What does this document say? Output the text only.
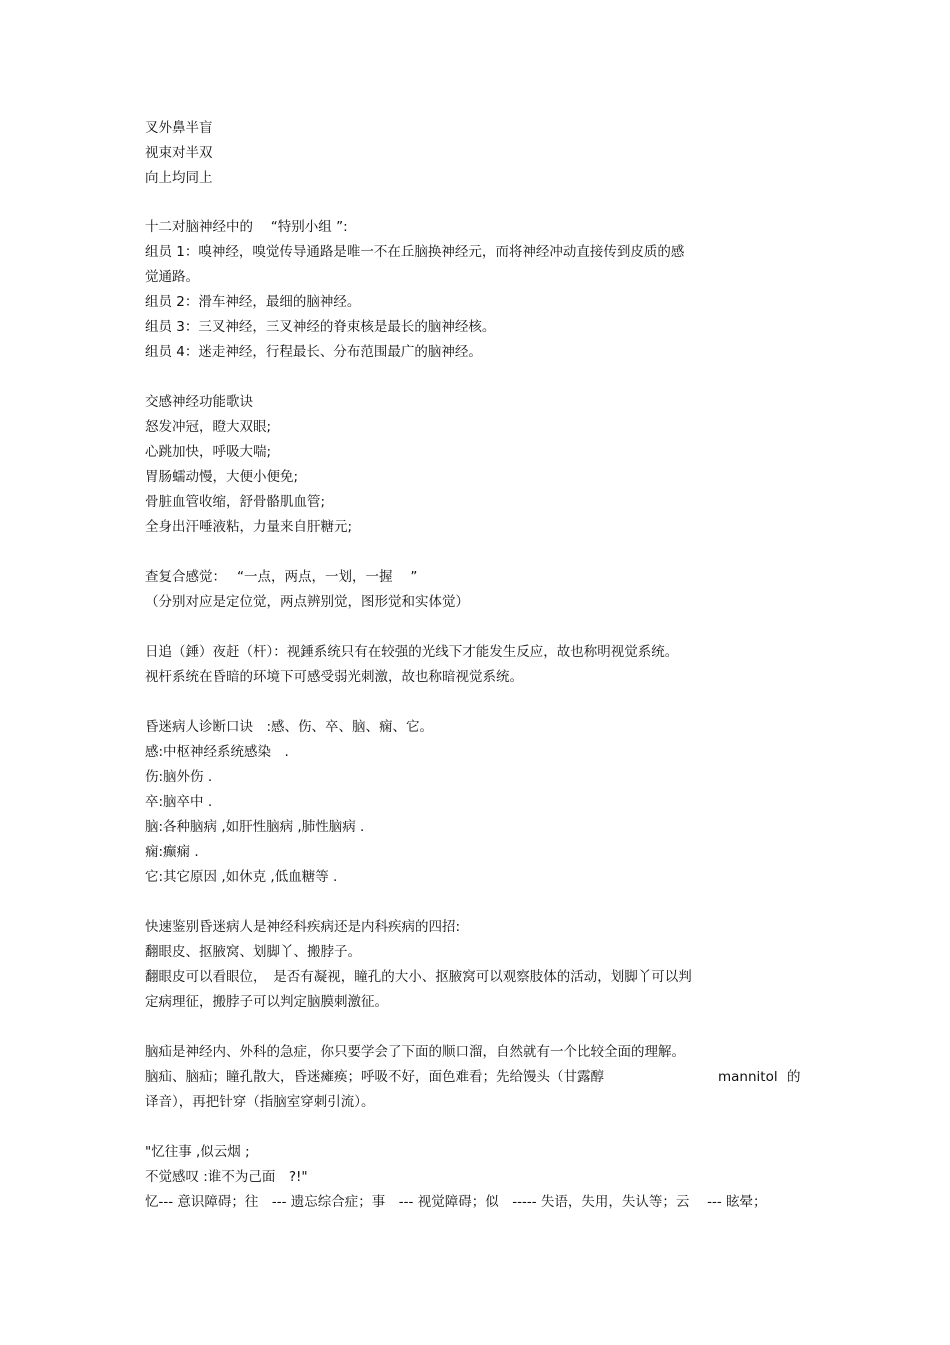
叉外鼻半盲
视束对半双
向上均同上
十二对脑神经中的　 “特别小组 ”:
组员 1：嗅神经，嗅觉传导通路是唯一不在丘脑换神经元，而将神经冲动直接传到皮质的感
觉通路。
组员 2：滑车神经，最细的脑神经。
组员 3：三叉神经，三叉神经的脊束核是最长的脑神经核。
组员 4：迷走神经，行程最长、分布范围最广的脑神经。
交感神经功能歌诀
怒发冲冠，瞪大双眼;
心跳加快，呼吸大喘;
胃肠蠕动慢，大便小便免;
骨脏血管收缩，舒骨骼肌血管;
全身出汗唾液粘，力量来自肝糖元;
查复合感觉：　 “一点，两点，一划，一握　 ”
（分别对应是定位觉，两点辨别觉，图形觉和实体觉）
日追（錘）夜赶（杆）：视錘系统只有在较强的光线下才能发生反应，故也称明视觉系统。
视杆系统在昏暗的环境下可感受弱光刺激，故也称暗视觉系统。
昏迷病人诊断口诀　:感、伤、卒、脑、痫、它。
感:中枢神经系统感染　.
伤:脑外伤 .
卒:脑卒中 .
脑:各种脑病 ,如肝性脑病 ,肺性脑病 .
痫:癫痫 .
它:其它原因 ,如休克 ,低血糖等 .
快速鉴别昏迷病人是神经科疾病还是内科疾病的四招:
翻眼皮、抠腋窝、划脚丫、搬脖子。
翻眼皮可以看眼位，　是否有凝视，瞳孔的大小、抠腋窝可以观察肢体的活动，划脚丫可以判
定病理征，搬脖子可以判定脑膜刺激征。
脑疝是神经内、外科的急症，你只要学会了下面的顺口溜，自然就有一个比较全面的理解。
脑疝、脑疝；瞳孔散大，昏迷瘫痪；呼吸不好，面色难看；先给馒头（甘露醇	mannitol 的
译音），再把针穿（指脑室穿刺引流）。
"忆往事 ,似云烟 ;
不觉感叹 :谁不为己面　?!"
忆--- 意识障碍；往　--- 遗忘综合症；事　--- 视觉障碍；似　----- 失语，失用，失认等；云　 --- 眩晕；
